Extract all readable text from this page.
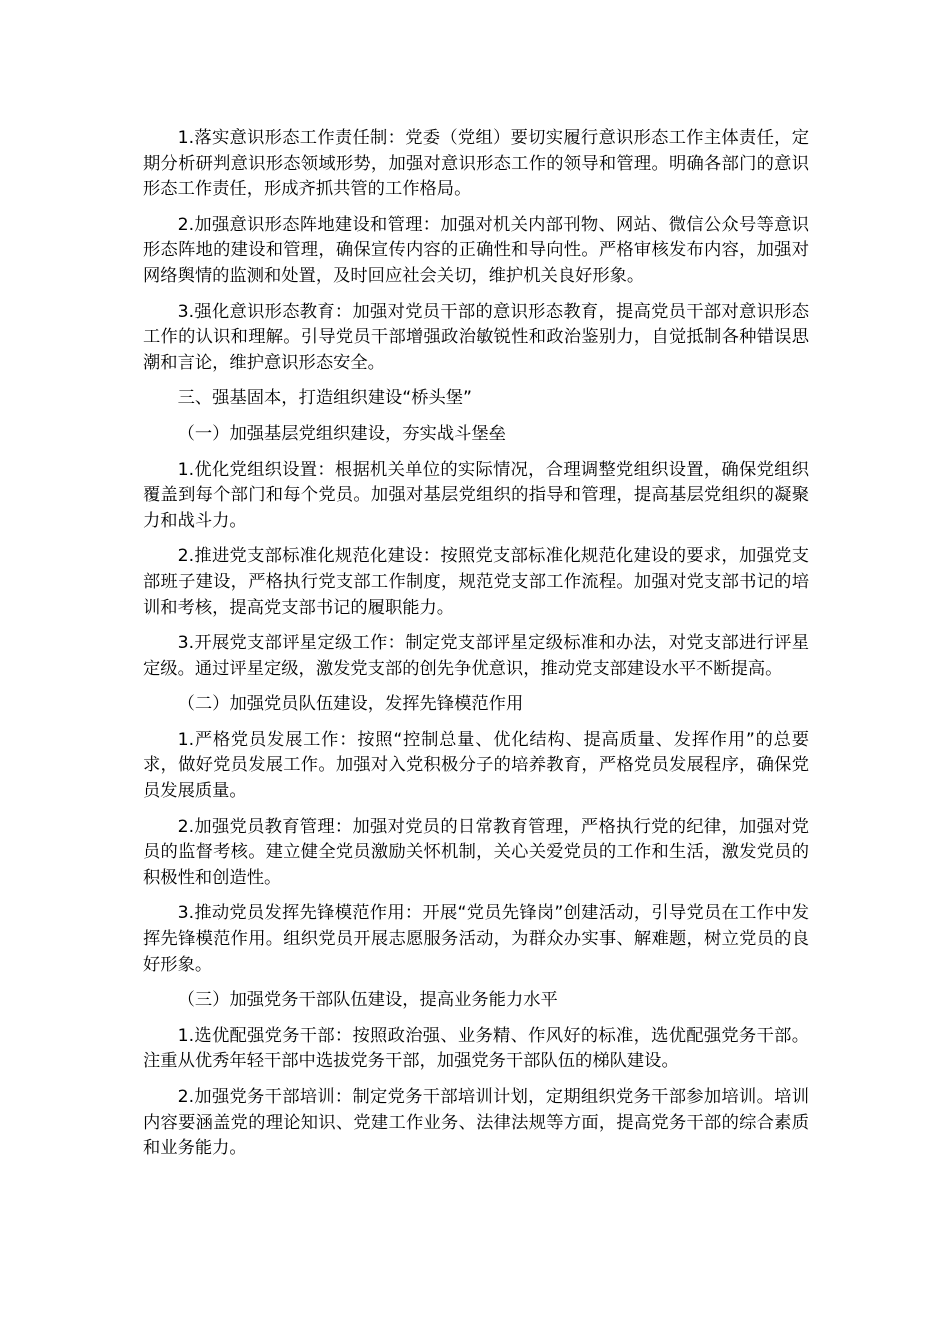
1.落实意识形态工作责任制：党委（党组）要切实履行意识形态工作主体责任，定期分析研判意识形态领域形势，加强对意识形态工作的领导和管理。明确各部门的意识形态工作责任，形成齐抓共管的工作格局。

2.加强意识形态阵地建设和管理：加强对机关内部刊物、网站、微信公众号等意识形态阵地的建设和管理，确保宣传内容的正确性和导向性。严格审核发布内容，加强对网络舆情的监测和处置，及时回应社会关切，维护机关良好形象。

3.强化意识形态教育：加强对党员干部的意识形态教育，提高党员干部对意识形态工作的认识和理解。引导党员干部增强政治敏锐性和政治鉴别力，自觉抵制各种错误思潮和言论，维护意识形态安全。

三、强基固本，打造组织建设“桥头堡”

（一）加强基层党组织建设，夯实战斗堡垒

1.优化党组织设置：根据机关单位的实际情况，合理调整党组织设置，确保党组织覆盖到每个部门和每个党员。加强对基层党组织的指导和管理，提高基层党组织的凝聚力和战斗力。

2.推进党支部标准化规范化建设：按照党支部标准化规范化建设的要求，加强党支部班子建设，严格执行党支部工作制度，规范党支部工作流程。加强对党支部书记的培训和考核，提高党支部书记的履职能力。

3.开展党支部评星定级工作：制定党支部评星定级标准和办法，对党支部进行评星定级。通过评星定级，激发党支部的创先争优意识，推动党支部建设水平不断提高。

（二）加强党员队伍建设，发挥先锋模范作用

1.严格党员发展工作：按照“控制总量、优化结构、提高质量、发挥作用”的总要求，做好党员发展工作。加强对入党积极分子的培养教育，严格党员发展程序，确保党员发展质量。

2.加强党员教育管理：加强对党员的日常教育管理，严格执行党的纪律，加强对党员的监督考核。建立健全党员激励关怀机制，关心关爱党员的工作和生活，激发党员的积极性和创造性。

3.推动党员发挥先锋模范作用：开展“党员先锋岗”创建活动，引导党员在工作中发挥先锋模范作用。组织党员开展志愿服务活动，为群众办实事、解难题，树立党员的良好形象。

（三）加强党务干部队伍建设，提高业务能力水平

1.选优配强党务干部：按照政治强、业务精、作风好的标准，选优配强党务干部。注重从优秀年轻干部中选拔党务干部，加强党务干部队伍的梯队建设。

2.加强党务干部培训：制定党务干部培训计划，定期组织党务干部参加培训。培训内容要涵盖党的理论知识、党建工作业务、法律法规等方面，提高党务干部的综合素质和业务能力。
